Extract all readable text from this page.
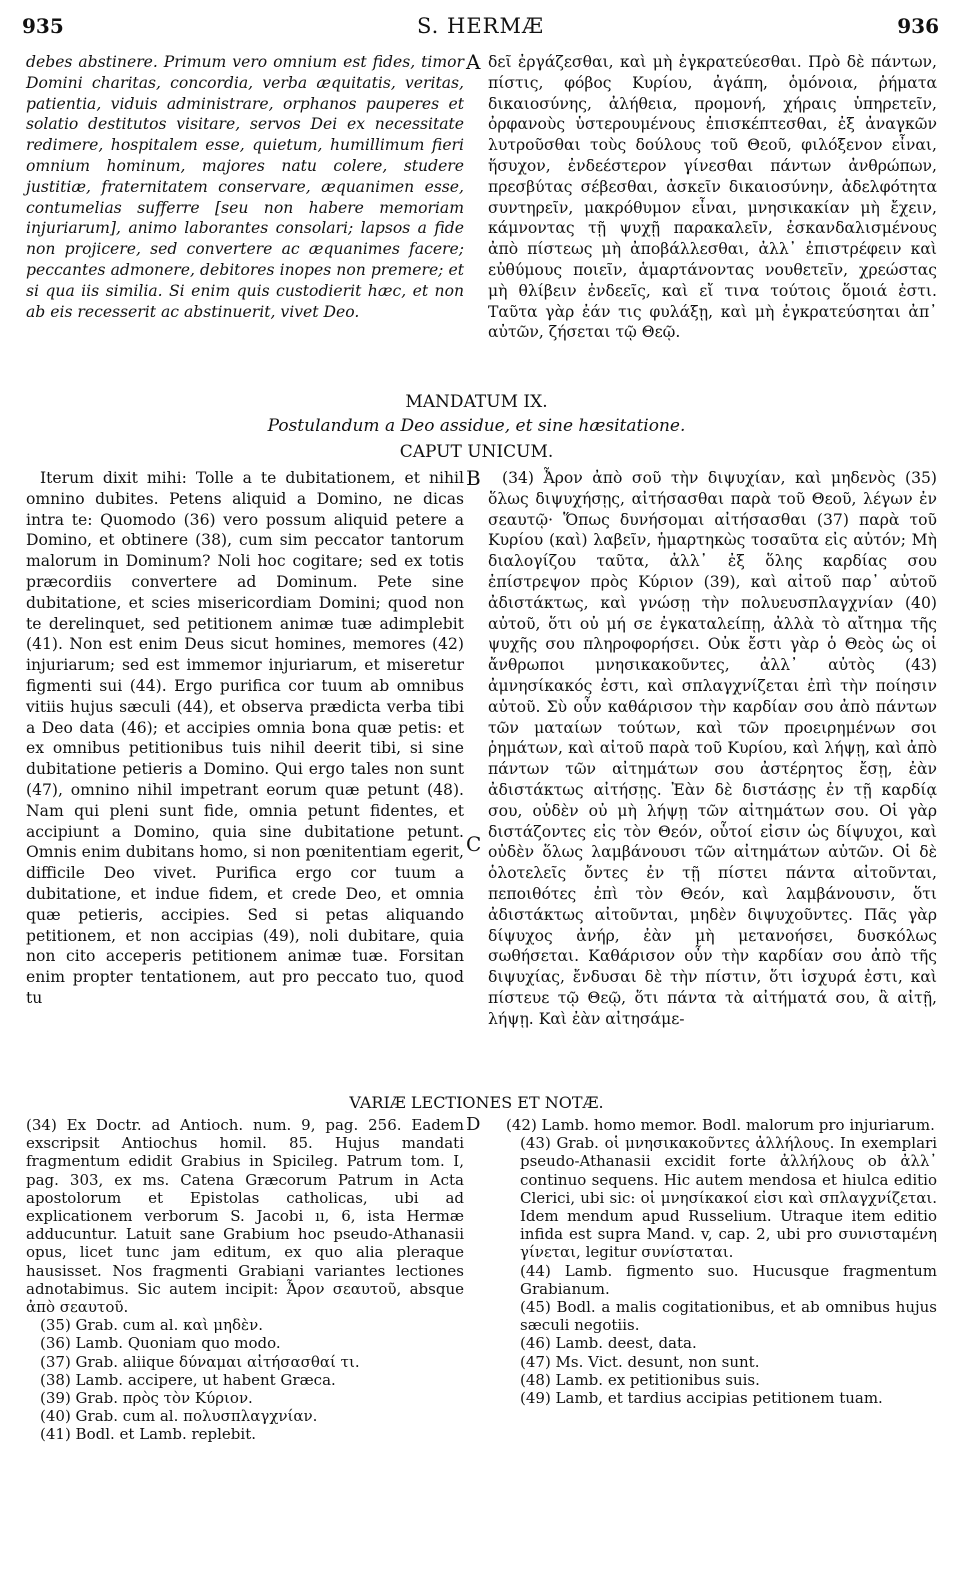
935	S. HERMÆ	936

debes abstinere. Primum vero omnium est fides, timor Domini charitas, concordia, verba æquitatis, veritas, patientia, viduis administrare, orphanos pauperes et solatio destitutos visitare, servos Dei ex necessitate redimere, hospitalem esse, quietum, humillimum fieri omnium hominum, majores natu colere, studere justitiæ, fraternitatem conservare, æquanimen esse, contumelias sufferre [seu non habere memoriam injuriarum], animo laborantes consolari; lapsos a fide non projicere, sed convertere ac æquanimes facere; peccantes admonere, debitores inopes non premere; et si qua iis similia. Si enim quis custodierit hæc, et non ab eis recesserit ac abstinuerit, vivet Deo.

A δεῖ ἐργάζεσθαι, καὶ μὴ ἐγκρατεύεσθαι. Πρὸ δὲ πάντων, πίστις, φόβος Κυρίου, ἀγάπη, ὁμόνοια, ῥήματα δικαιοσύνης, ἀλήθεια, προμονή, χήραις ὑπηρετεῖν, ὀρφανοὺς ὑστερουμένους ἐπισκέπτεσθαι, ἐξ ἀναγκῶν λυτροῦσθαι τοὺς δούλους τοῦ Θεοῦ, φιλόξενον εἶναι, ἥσυχον, ἐνδεέστερον γίνεσθαι πάντων ἀνθρώπων, πρεσβύτας σέβεσθαι, ἀσκεῖν δικαιοσύνην, ἀδελφότητα συντηρεῖν, μακρόθυμον εἶναι, μνησικακίαν μὴ ἔχειν, κάμνοντας τῇ ψυχῇ παρακαλεῖν, ἐσκανδαλισμένους ἀπὸ πίστεως μὴ ἀποβάλλεσθαι, ἀλλ᾽ ἐπιστρέφειν καὶ εὐθύμους ποιεῖν, ἁμαρτάνοντας νουθετεῖν, χρεώστας μὴ θλίβειν ἐνδεεῖς, καὶ εἴ τινα τούτοις ὅμοιά ἐστι. Ταῦτα γὰρ ἐάν τις φυλάξῃ, καὶ μὴ ἐγκρατεύσηται ἀπ᾽ αὐτῶν, ζήσεται τῷ Θεῷ.

MANDATUM IX.
Postulandum a Deo assidue, et sine hæsitatione.
CAPUT UNICUM.

Iterum dixit mihi: Tolle a te dubitationem, et nihil omnino dubites. Petens aliquid a Domino, ne dicas intra te: Quomodo (36) vero possum aliquid petere a Domino, et obtinere (38), cum sim peccator tantorum malorum in Dominum? Noli hoc cogitare; sed ex totis præcordiis convertere ad Dominum. Pete sine dubitatione, et scies misericordiam Domini; quod non te derelinquet, sed petitionem animæ tuæ adimplebit (41). Non est enim Deus sicut homines, memores (42) injuriarum; sed est immemor injuriarum, et miseretur figmenti sui (44). Ergo purifica cor tuum ab omnibus vitiis hujus sæculi (44), et observa prædicta verba tibi a Deo data (46); et accipies omnia bona quæ petis: et ex omnibus petitionibus tuis nihil deerit tibi, si sine dubitatione petieris a Domino. Qui ergo tales non sunt (47), omnino nihil impetrant eorum quæ petunt (48). Nam qui pleni sunt fide, omnia petunt fidentes, et accipiunt a Domino, quia sine dubitatione petunt. Omnis enim dubitans homo, si non pœnitentiam egerit, difficile Deo vivet. Purifica ergo cor tuum a dubitatione, et indue fidem, et crede Deo, et omnia quæ petieris, accipies. Sed si petas aliquando petitionem, et non accipias (49), noli dubitare, quia non cito acceperis petitionem animæ tuæ. Forsitan enim propter tentationem, aut pro peccato tuo, quod tu

B
C

(34) Ἆρον ἀπὸ σοῦ τὴν διψυχίαν, καὶ μηδενὸς (35) ὅλως διψυχήσῃς, αἰτήσασθαι παρὰ τοῦ Θεοῦ, λέγων ἐν σεαυτῷ· Ὅπως δυνήσομαι αἰτήσασθαι (37) παρὰ τοῦ Κυρίου (καὶ) λαβεῖν, ἡμαρτηκὼς τοσαῦτα εἰς αὐτόν; Μὴ διαλογίζου ταῦτα, ἀλλ᾽ ἐξ ὅλης καρδίας σου ἐπίστρεψον πρὸς Κύριον (39), καὶ αἰτοῦ παρ᾽ αὐτοῦ ἀδιστάκτως, καὶ γνώσῃ τὴν πολυευσπλαγχνίαν (40) αὐτοῦ, ὅτι οὐ μή σε ἐγκαταλείπῃ, ἀλλὰ τὸ αἴτημα τῆς ψυχῆς σου πληροφορήσει. Οὐκ ἔστι γὰρ ὁ Θεὸς ὡς οἱ ἄνθρωποι μνησικακοῦντες, ἀλλ᾽ αὐτὸς (43) ἀμνησίκακός ἐστι, καὶ σπλαγχνίζεται ἐπὶ τὴν ποίησιν αὐτοῦ. Σὺ οὖν καθάρισον τὴν καρδίαν σου ἀπὸ πάντων τῶν ματαίων τούτων, καὶ τῶν προειρημένων σοι ῥημάτων, καὶ αἰτοῦ παρὰ τοῦ Κυρίου, καὶ λήψῃ, καὶ ἀπὸ πάντων τῶν αἰτημάτων σου ἀστέρητος ἔσῃ, ἐὰν ἀδιστάκτως αἰτήσῃς. Ἐὰν δὲ διστάσῃς ἐν τῇ καρδίᾳ σου, οὐδὲν οὐ μὴ λήψῃ τῶν αἰτημάτων σου. Οἱ γὰρ διστάζοντες εἰς τὸν Θεόν, οὗτοί εἰσιν ὡς δίψυχοι, καὶ οὐδὲν ὅλως λαμβάνουσι τῶν αἰτημάτων αὐτῶν. Οἱ δὲ ὁλοτελεῖς ὄντες ἐν τῇ πίστει πάντα αἰτοῦνται, πεποιθότες ἐπὶ τὸν Θεόν, καὶ λαμβάνουσιν, ὅτι ἀδιστάκτως αἰτοῦνται, μηδὲν διψυχοῦντες. Πᾶς γὰρ δίψυχος ἀνήρ, ἐὰν μὴ μετανοήσει, δυσκόλως σωθήσεται. Καθάρισον οὖν τὴν καρδίαν σου ἀπὸ τῆς διψυχίας, ἔνδυσαι δὲ τὴν πίστιν, ὅτι ἰσχυρά ἐστι, καὶ πίστευε τῷ Θεῷ, ὅτι πάντα τὰ αἰτήματά σου, ἃ αἰτῇ, λήψῃ. Καὶ ἐὰν αἰτησάμε-

VARIÆ LECTIONES ET NOTÆ.
D

(34) Ex Doctr. ad Antioch. num. 9, pag. 256. Eadem exscripsit Antiochus homil. 85. Hujus mandati fragmentum edidit Grabius in Spicileg. Patrum tom. I, pag. 303, ex ms. Catena Græcorum Patrum in Acta apostolorum et Epistolas catholicas, ubi ad explicationem verborum S. Jacobi ıı, 6, ista Hermæ adducuntur. Latuit sane Grabium hoc pseudo-Athanasii opus, licet tunc jam editum, ex quo alia pleraque hausisset. Nos fragmenti Grabiani variantes lectiones adnotabimus. Sic autem incipit: Ἆρον σεαυτοῦ, absque ἀπὸ σεαυτοῦ.

(35) Grab. cum al. καὶ μηδὲν.

(36) Lamb. Quoniam quo modo.

(37) Grab. aliique δύναμαι αἰτήσασθαί τι.

(38) Lamb. accipere, ut habent Græca.

(39) Grab. πρὸς τὸν Κύριον.

(40) Grab. cum al. πολυσπλαγχνίαν.

(41) Bodl. et Lamb. replebit.

(42) Lamb. homo memor. Bodl. malorum pro injuriarum.

(43) Grab. οἱ μνησικακοῦντες ἀλλήλους. In exemplari pseudo-Athanasii excidit forte ἀλλήλους ob ἀλλ᾽ continuo sequens. Hic autem mendosa et hiulca editio Clerici, ubi sic: οἱ μνησίκακοί εἰσι καὶ σπλαγχνίζεται. Idem mendum apud Russelium. Utraque item editio infida est supra Mand. v, cap. 2, ubi pro συνισταμένη γίνεται, legitur συνίσταται.

(44) Lamb. figmento suo. Hucusque fragmentum Grabianum.

(45) Bodl. a malis cogitationibus, et ab omnibus hujus sæculi negotiis.

(46) Lamb. deest, data.

(47) Ms. Vict. desunt, non sunt.

(48) Lamb. ex petitionibus suis.

(49) Lamb, et tardius accipias petitionem tuam.
